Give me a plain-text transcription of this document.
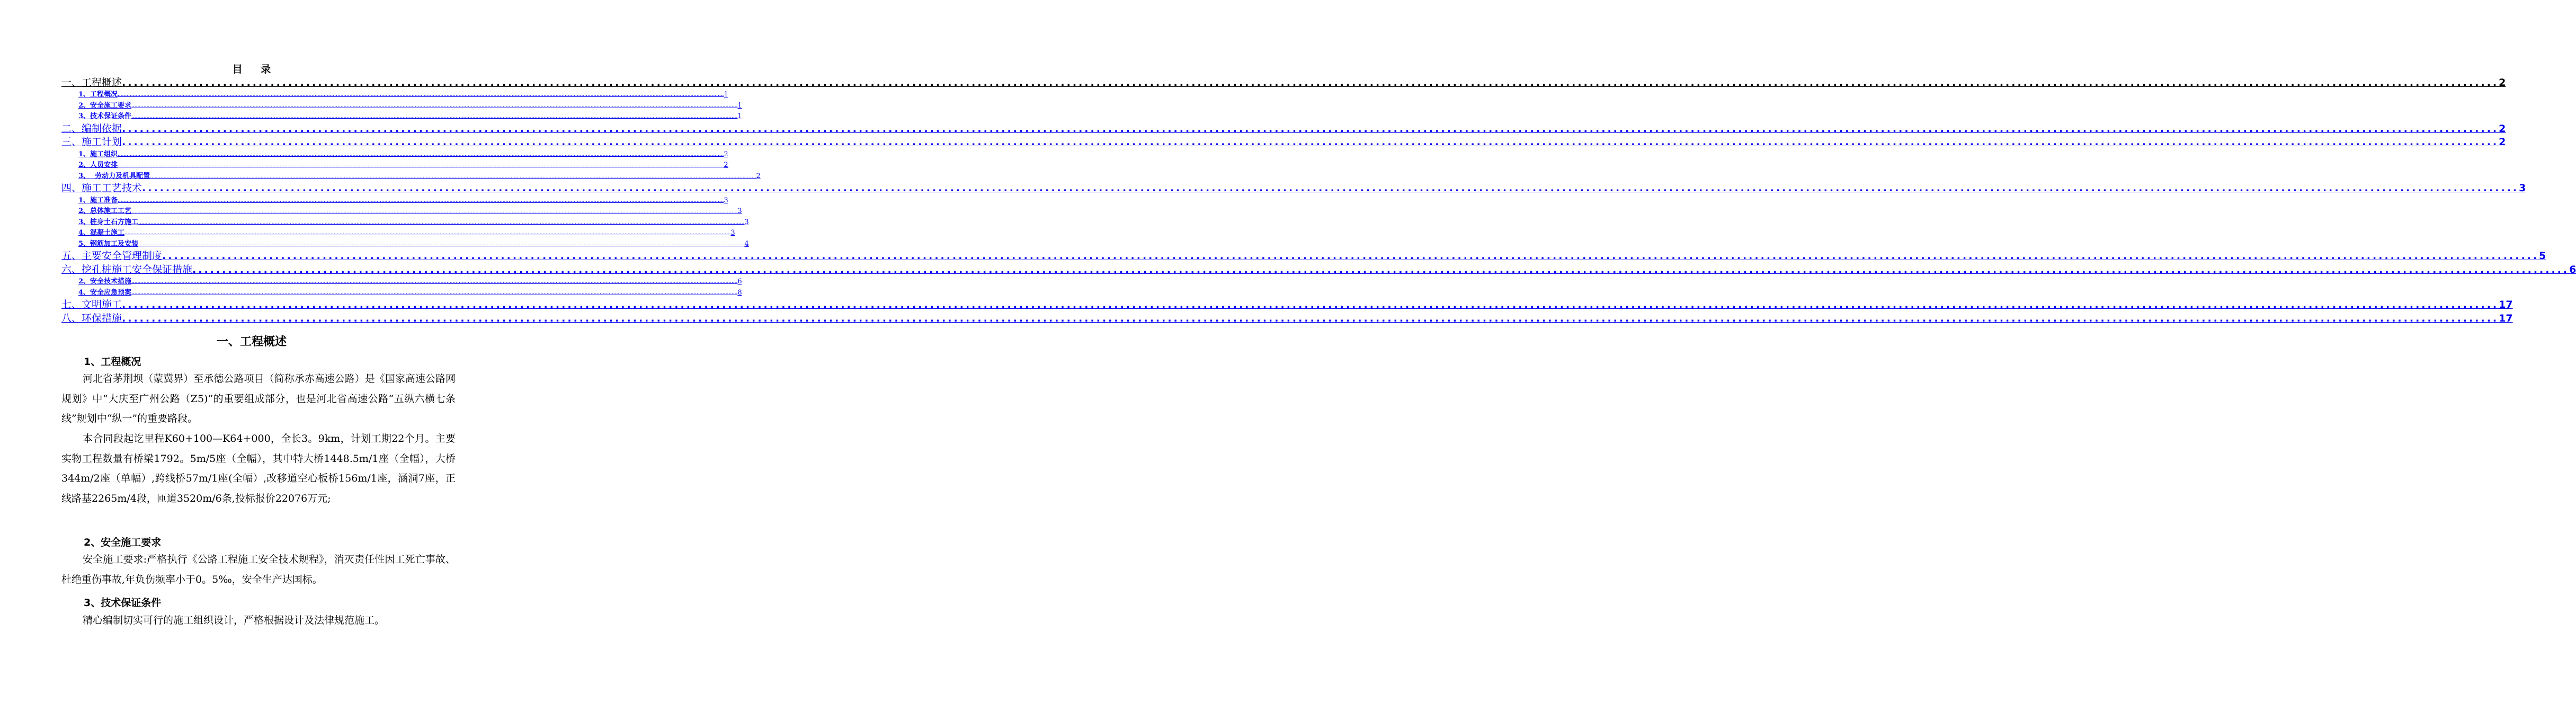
目 录
一、工程概述 ................................................................................................................................................................................................................................................................................................................................................................................................................ 2
1、工程概况 ................................................................................................................................................................................................................................................................................................................................................................................................................ 1
2、安全施工要求 ................................................................................................................................................................................................................................................................................................................................................................................................................ 1
3、技术保证条件 ................................................................................................................................................................................................................................................................................................................................................................................................................ 1
二、编制依据 ................................................................................................................................................................................................................................................................................................................................................................................................................ 2
三、施工计划 ................................................................................................................................................................................................................................................................................................................................................................................................................ 2
1、施工组织 ................................................................................................................................................................................................................................................................................................................................................................................................................ 2
2、人员安排 ................................................................................................................................................................................................................................................................................................................................................................................................................ 2
3、  劳动力及机具配置 ................................................................................................................................................................................................................................................................................................................................................................................................................ 2
四、施工工艺技术 ................................................................................................................................................................................................................................................................................................................................................................................................................ 3
1、施工准备 ................................................................................................................................................................................................................................................................................................................................................................................................................ 3
2、总体施工工艺 ................................................................................................................................................................................................................................................................................................................................................................................................................ 3
3、桩身土石方施工 ................................................................................................................................................................................................................................................................................................................................................................................................................ 3
4、混凝土施工 ................................................................................................................................................................................................................................................................................................................................................................................................................ 3
5、钢筋加工及安装 ................................................................................................................................................................................................................................................................................................................................................................................................................ 4
五、主要安全管理制度 ................................................................................................................................................................................................................................................................................................................................................................................................................ 5
六、挖孔桩施工安全保证措施 ................................................................................................................................................................................................................................................................................................................................................................................................................ 6
2、安全技术措施 ................................................................................................................................................................................................................................................................................................................................................................................................................ 6
4、安全应急预案 ................................................................................................................................................................................................................................................................................................................................................................................................................ 8
七、文明施工 ................................................................................................................................................................................................................................................................................................................................................................................................................ 17
八、环保措施 ................................................................................................................................................................................................................................................................................................................................................................................................................ 17
一、工程概述
1、工程概况
河北省茅荆坝（蒙冀界）至承德公路项目（简称承赤高速公路）是《国家高速公路网规划》中“大庆至广州公路（Z5)”的重要组成部分，也是河北省高速公路“五纵六横七条线”规划中“纵一”的重要路段。
本合同段起讫里程K60+100—K64+000，全长3。9km，计划工期22个月。主要实物工程数量有桥梁1792。5m/5座（全幅），其中特大桥1448.5m/1座（全幅），大桥344m/2座（单幅）,跨线桥57m/1座(全幅）,改移道空心板桥156m/1座，涵洞7座，正线路基2265m/4段，匝道3520m/6条,投标报价22076万元;
2、安全施工要求
安全施工要求:严格执行《公路工程施工安全技术规程》，消灭责任性因工死亡事故、杜绝重伤事故,年负伤频率小于0。5‰，安全生产达国标。
3、技术保证条件
精心编制切实可行的施工组织设计，严格根据设计及法律规范施工。
